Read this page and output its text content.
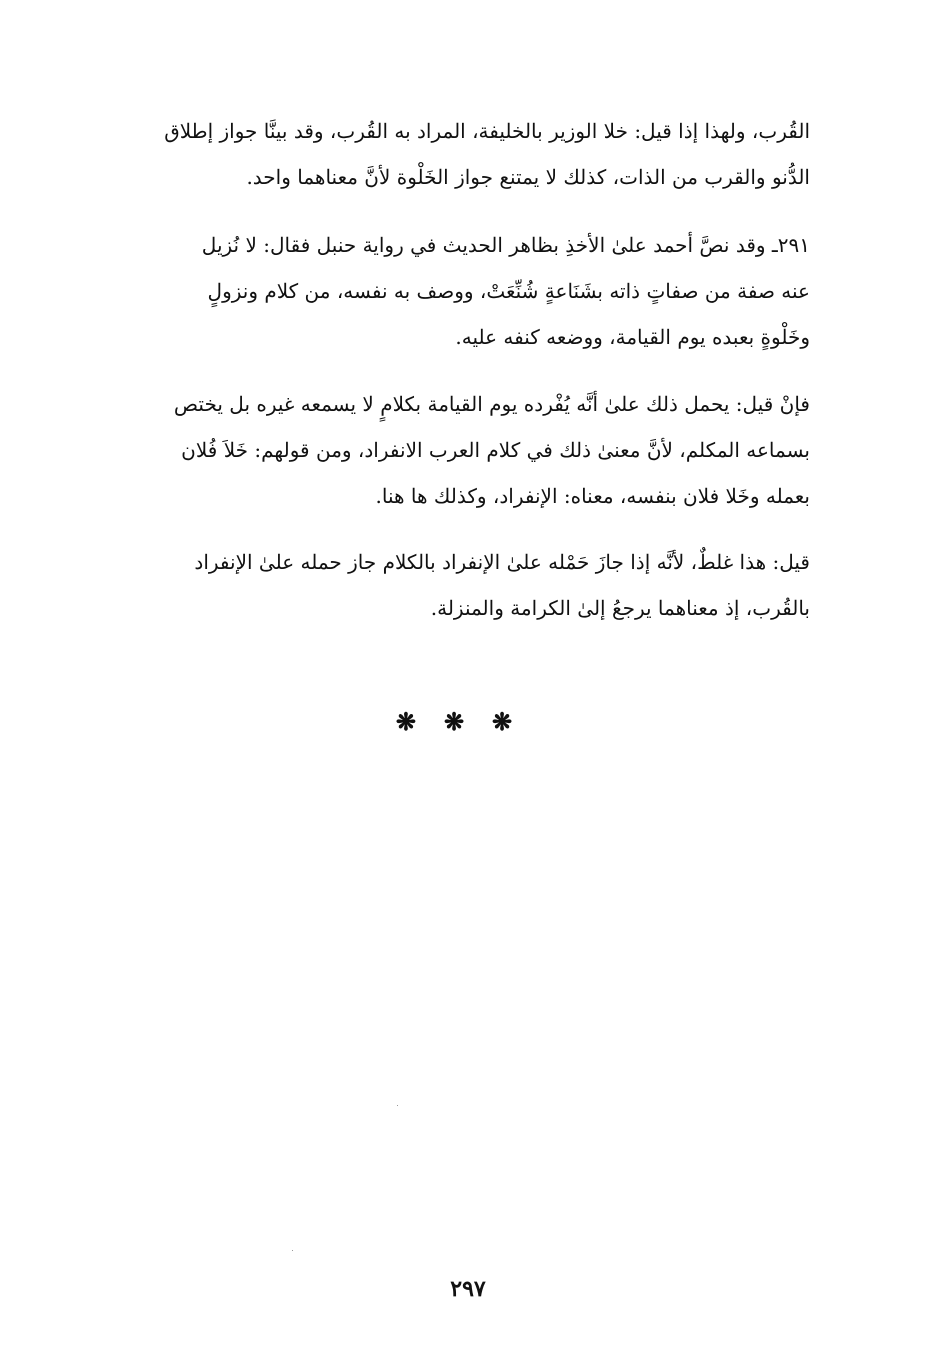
القُرب، ولهذا إذا قيل: خلا الوزير بالخليفة، المراد به القُرب، وقد بينَّا جواز إطلاق
الدُّنو والقرب من الذات، كذلك لا يمتنع جواز الخَلْوة لأنَّ معناهما واحد.
٢٩١ـ وقد نصَّ أحمد علىٰ الأخذِ بظاهر الحديث في رواية حنبل فقال: لا نُزيل
عنه صفة من صفاتٍ ذاته بشَنَاعةٍ شُنِّعَتْ، ووصف به نفسه، من كلام ونزولٍ
وخَلْوةٍ بعبده يوم القيامة، ووضعه كنفه عليه.
فإنْ قيل: يحمل ذلك علىٰ أنَّه يُفْرده يوم القيامة بكلامٍ لا يسمعه غيره بل يختص
بسماعه المكلم، لأنَّ معنىٰ ذلك في كلام العرب الانفراد، ومن قولهم: خَلاَ فُلان
بعمله وخَلا فلان بنفسه، معناه: الإنفراد، وكذلك ها هنا.
قيل: هذا غلطٌ، لأنَّه إذا جازَ حَمْله علىٰ الإنفراد بالكلام جاز حمله علىٰ الإنفراد
بالقُرب، إذ معناهما يرجعُ إلىٰ الكرامة والمنزلة.
❋❋❋
٢٩٧
